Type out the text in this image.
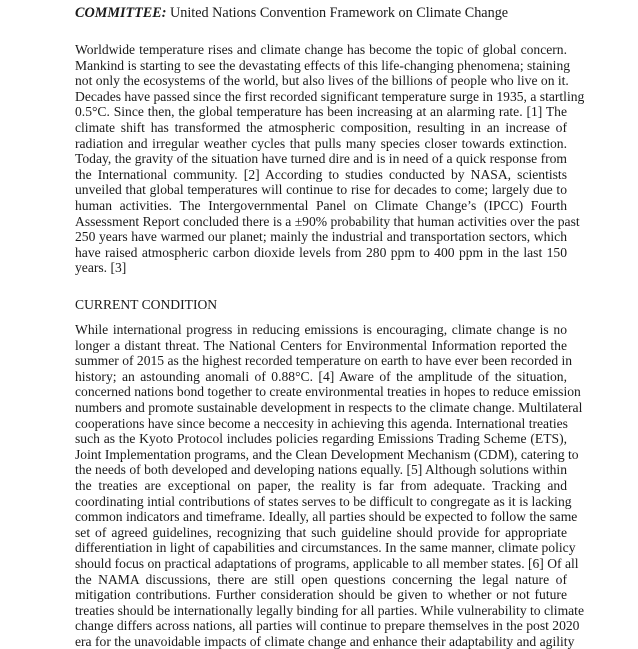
COMMITTEE: United Nations Convention Framework on Climate Change
Worldwide temperature rises and climate change has become the topic of global concern.
Mankind is starting to see the devastating effects of this life-changing phenomena; staining
not only the ecosystems of the world, but also lives of the billions of people who live on it.
Decades have passed since the first recorded significant temperature surge in 1935, a startling
0.5°C. Since then, the global temperature has been increasing at an alarming rate. [1] The
climate shift has transformed the atmospheric composition, resulting in an increase of
radiation and irregular weather cycles that pulls many species closer towards extinction.
Today, the gravity of the situation have turned dire and is in need of a quick response from
the International community. [2] According to studies conducted by NASA, scientists
unveiled that global temperatures will continue to rise for decades to come; largely due to
human activities. The Intergovernmental Panel on Climate Change’s (IPCC) Fourth
Assessment Report concluded there is a ±90% probability that human activities over the past
250 years have warmed our planet; mainly the industrial and transportation sectors, which
have raised atmospheric carbon dioxide levels from 280 ppm to 400 ppm in the last 150
years. [3]
CURRENT CONDITION
While international progress in reducing emissions is encouraging, climate change is no
longer a distant threat. The National Centers for Environmental Information reported the
summer of 2015 as the highest recorded temperature on earth to have ever been recorded in
history; an astounding anomali of 0.88°C. [4] Aware of the amplitude of the situation,
concerned nations bond together to create environmental treaties in hopes to reduce emission
numbers and promote sustainable development in respects to the climate change. Multilateral
cooperations have since become a neccesity in achieving this agenda. International treaties
such as the Kyoto Protocol includes policies regarding Emissions Trading Scheme (ETS),
Joint Implementation programs, and the Clean Development Mechanism (CDM), catering to
the needs of both developed and developing nations equally. [5] Although solutions within
the treaties are exceptional on paper, the reality is far from adequate. Tracking and
coordinating intial contributions of states serves to be difficult to congregate as it is lacking
common indicators and timeframe. Ideally, all parties should be expected to follow the same
set of agreed guidelines, recognizing that such guideline should provide for appropriate
differentiation in light of capabilities and circumstances. In the same manner, climate policy
should focus on practical adaptations of programs, applicable to all member states. [6] Of all
the NAMA discussions, there are still open questions concerning the legal nature of
mitigation contributions. Further consideration should be given to whether or not future
treaties should be internationally legally binding for all parties. While vulnerability to climate
change differs across nations, all parties will continue to prepare themselves in the post 2020
era for the unavoidable impacts of climate change and enhance their adaptability and agility
